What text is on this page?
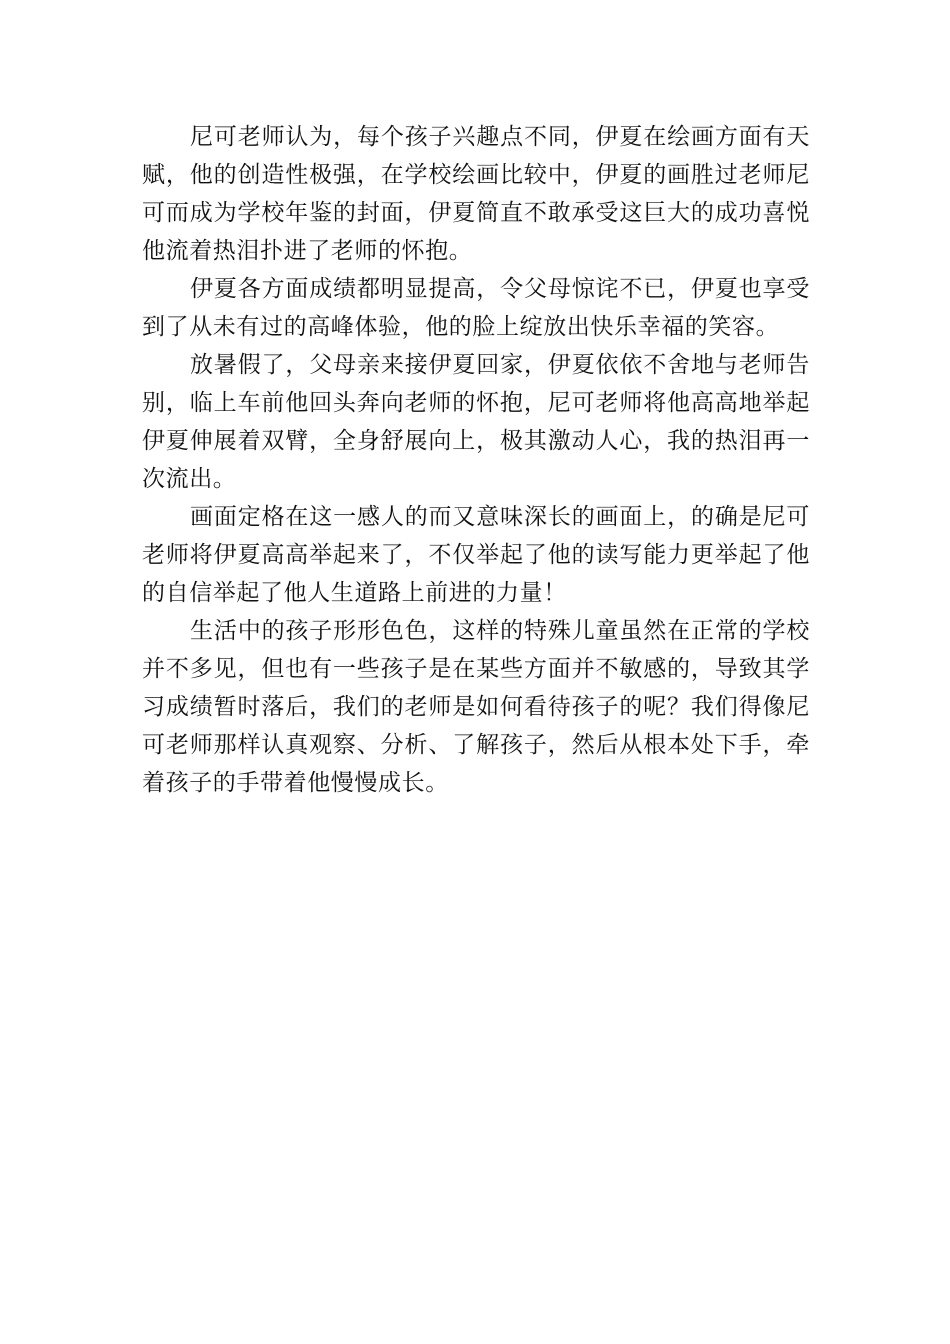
尼可老师认为，每个孩子兴趣点不同，伊夏在绘画方面有天赋，他的创造性极强，在学校绘画比较中，伊夏的画胜过老师尼可而成为学校年鉴的封面，伊夏简直不敢承受这巨大的成功喜悦他流着热泪扑进了老师的怀抱。

伊夏各方面成绩都明显提高，令父母惊诧不已，伊夏也享受到了从未有过的高峰体验，他的脸上绽放出快乐幸福的笑容。

放暑假了，父母亲来接伊夏回家，伊夏依依不舍地与老师告别，临上车前他回头奔向老师的怀抱，尼可老师将他高高地举起伊夏伸展着双臂，全身舒展向上，极其激动人心，我的热泪再一次流出。

画面定格在这一感人的而又意味深长的画面上，的确是尼可老师将伊夏高高举起来了，不仅举起了他的读写能力更举起了他的自信举起了他人生道路上前进的力量！

生活中的孩子形形色色，这样的特殊儿童虽然在正常的学校并不多见，但也有一些孩子是在某些方面并不敏感的，导致其学习成绩暂时落后，我们的老师是如何看待孩子的呢？我们得像尼可老师那样认真观察、分析、了解孩子，然后从根本处下手，牵着孩子的手带着他慢慢成长。
